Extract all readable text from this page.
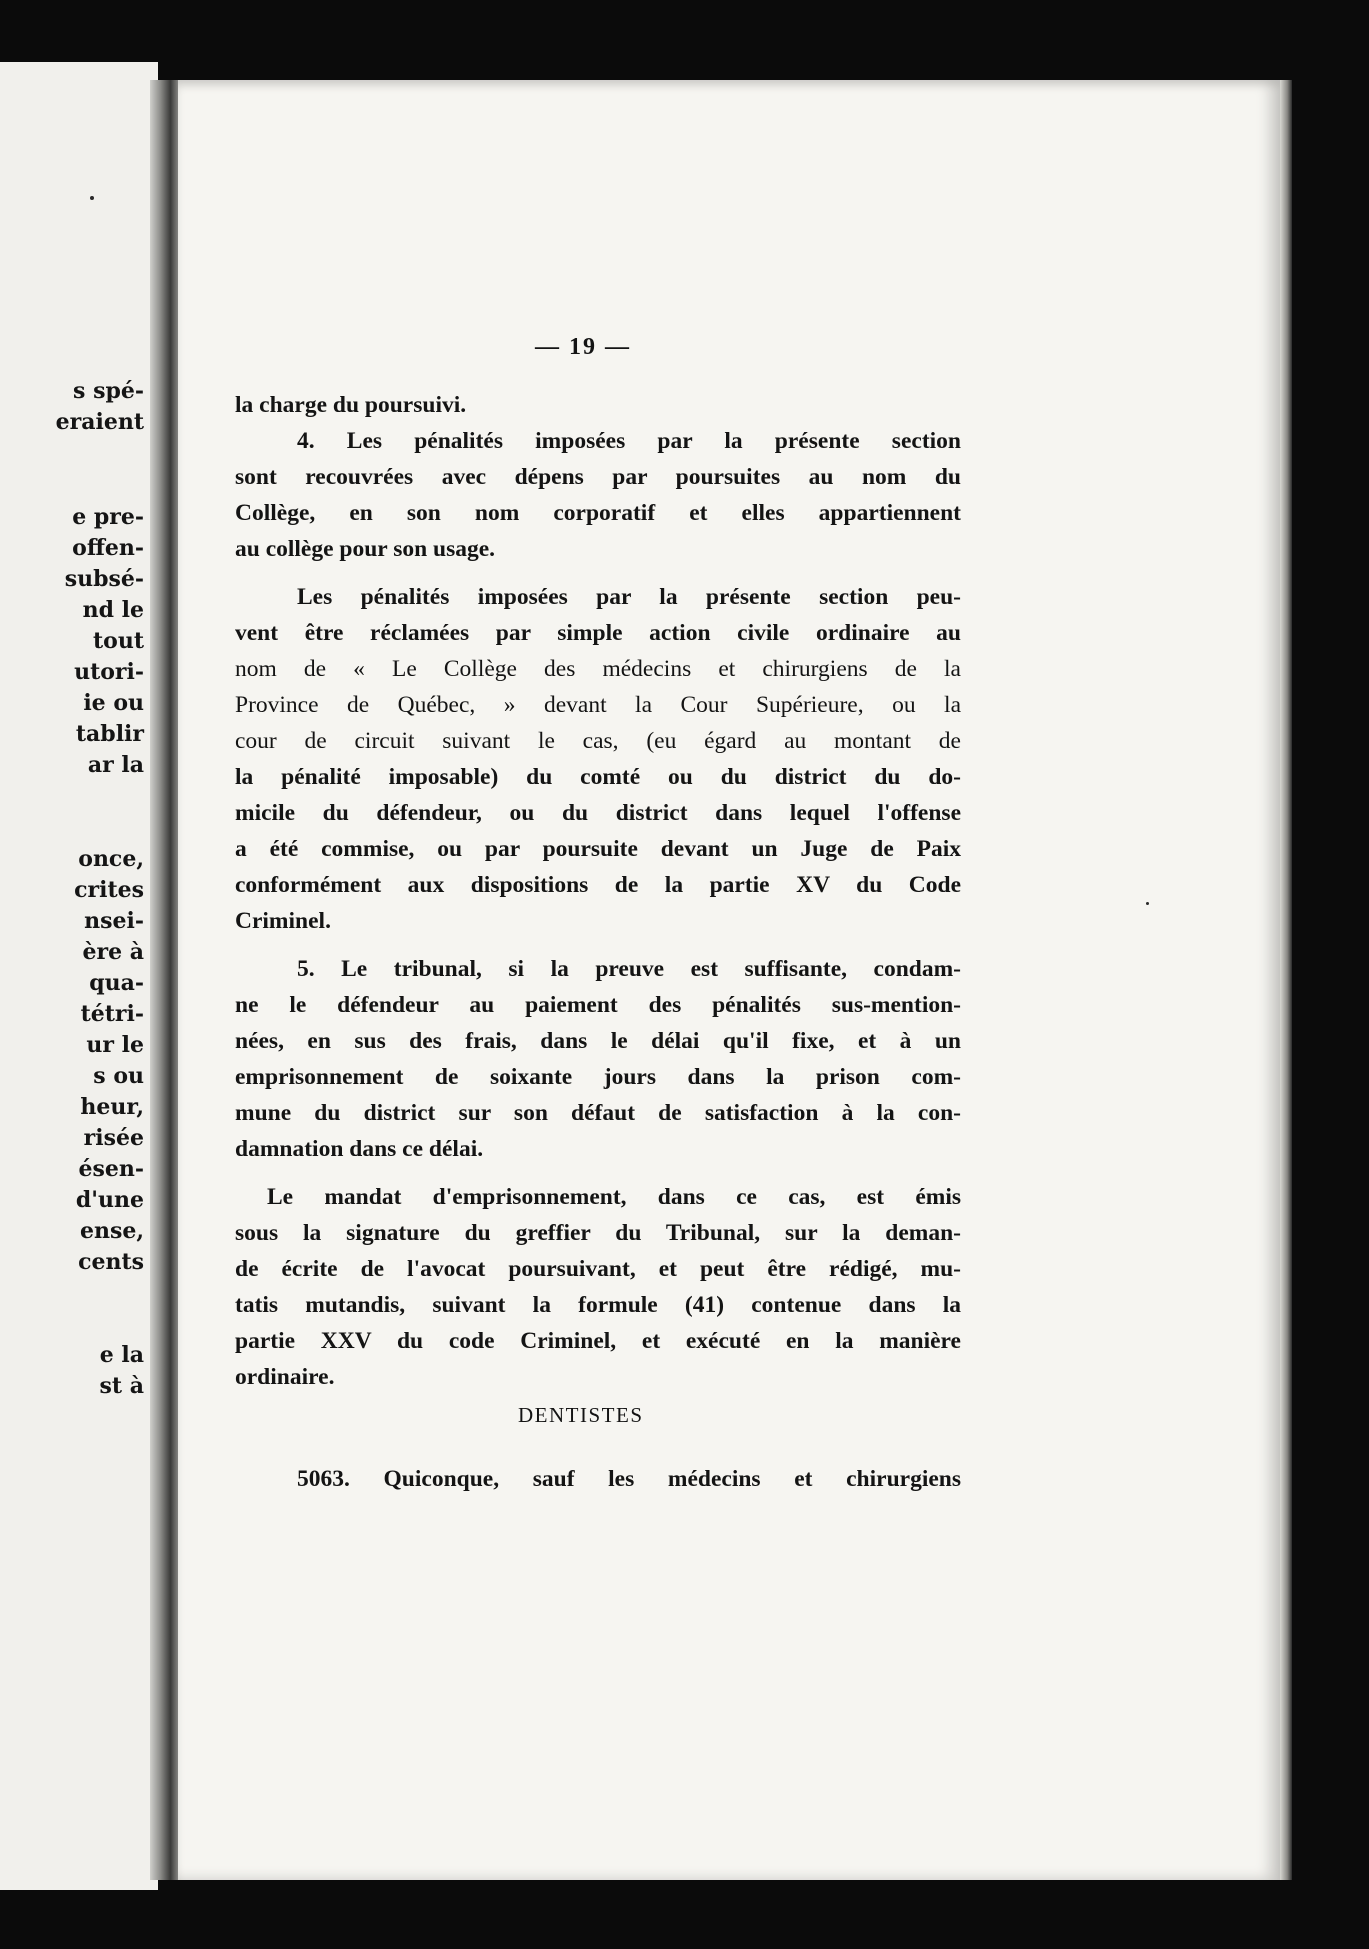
s spé-
eraient
e pre-
offen-
subsé-
nd le
tout
utori-
ie ou
tablir
ar la
once,
crites
nsei-
ère à
qua-
tétri-
ur le
s ou
heur,
risée
ésen-
d'une
ense,
cents
e la
st à
— 19 —
la charge du poursuivi.
4. Les pénalités imposées par la présente section
sont recouvrées avec dépens par poursuites au nom du
Collège, en son nom corporatif et elles appartiennent
au collège pour son usage.
Les pénalités imposées par la présente section peu-
vent être réclamées par simple action civile ordinaire au
nom de « Le Collège des médecins et chirurgiens de la
Province de Québec, » devant la Cour Supérieure, ou la
cour de circuit suivant le cas, (eu égard au montant de
la pénalité imposable) du comté ou du district du do-
micile du défendeur, ou du district dans lequel l'offense
a été commise, ou par poursuite devant un Juge de Paix
conformément aux dispositions de la partie XV du Code
Criminel.
5. Le tribunal, si la preuve est suffisante, condam-
ne le défendeur au paiement des pénalités sus-mention-
nées, en sus des frais, dans le délai qu'il fixe, et à un
emprisonnement de soixante jours dans la prison com-
mune du district sur son défaut de satisfaction à la con-
damnation dans ce délai.
Le mandat d'emprisonnement, dans ce cas, est émis
sous la signature du greffier du Tribunal, sur la deman-
de écrite de l'avocat poursuivant, et peut être rédigé, mu-
tatis mutandis, suivant la formule (41) contenue dans la
partie XXV du code Criminel, et exécuté en la manière
ordinaire.
5063. Quiconque, sauf les médecins et chirurgiens
DENTISTES
